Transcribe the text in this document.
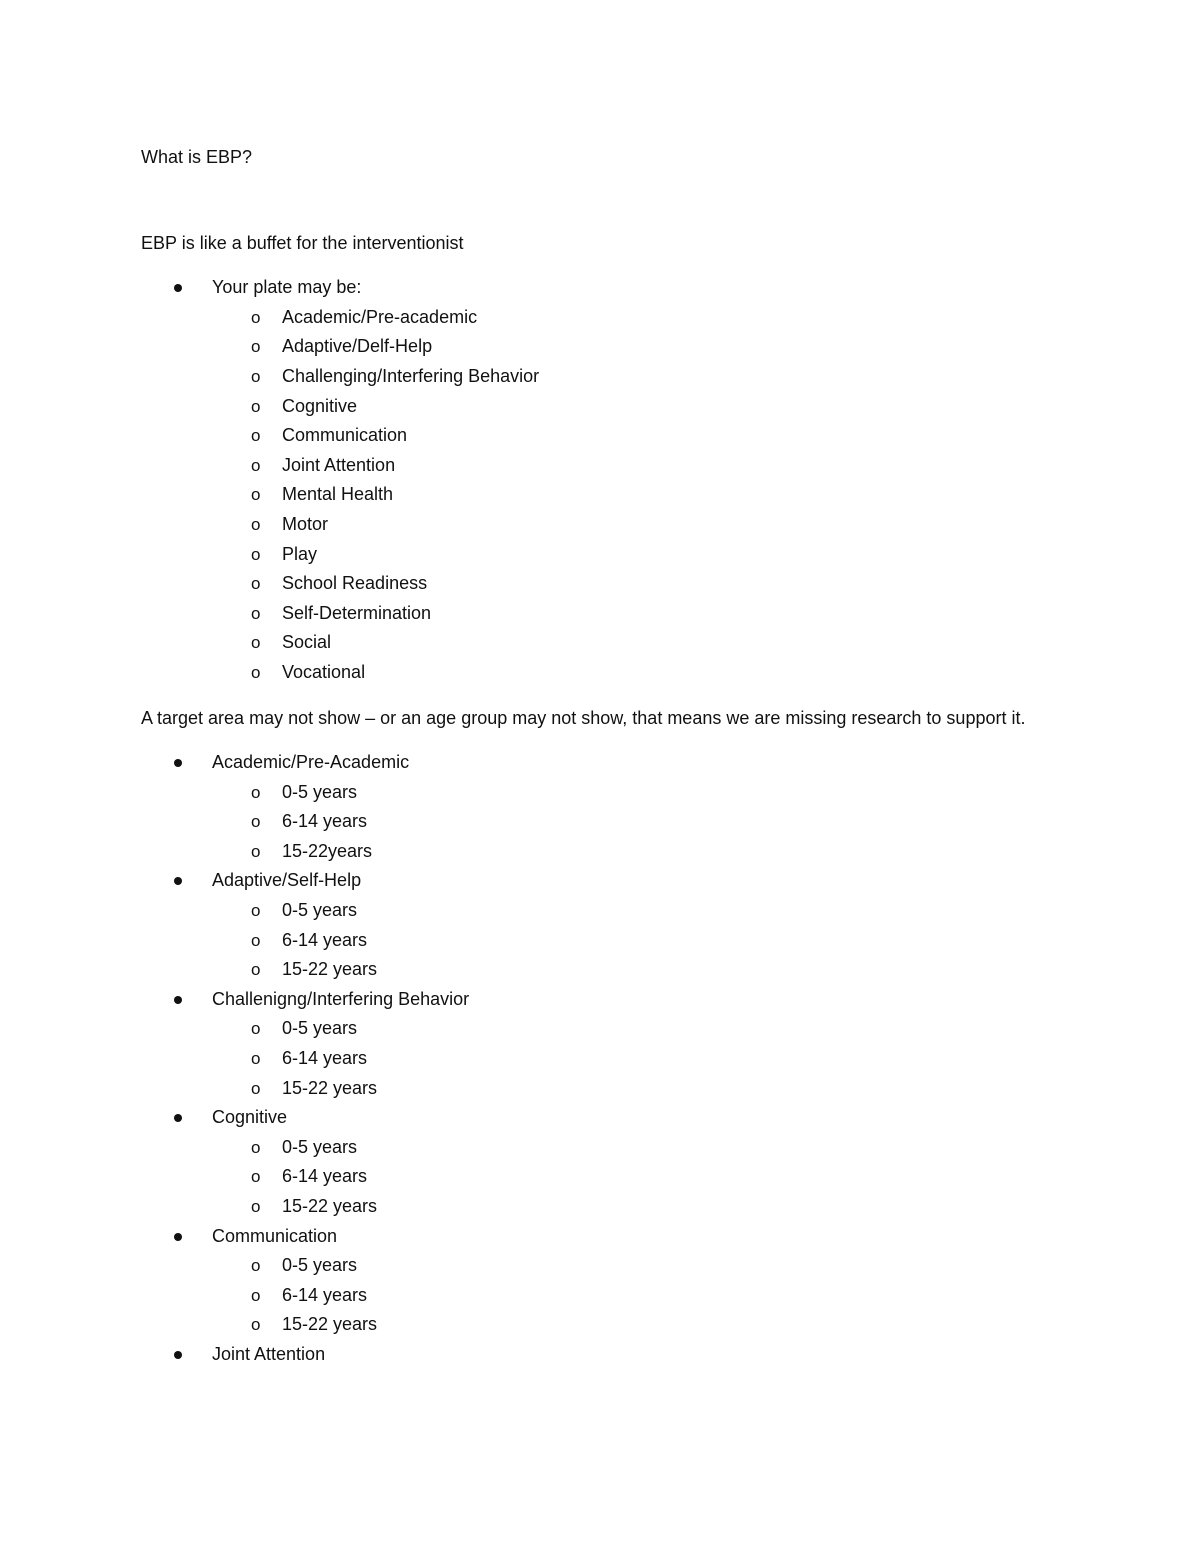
What is EBP?

EBP is like a buffet for the interventionist

Your plate may be:
o	Academic/Pre-academic
o	Adaptive/Delf-Help
o	Challenging/Interfering Behavior
o	Cognitive
o	Communication
o	Joint Attention
o	Mental Health
o	Motor
o	Play
o	School Readiness
o	Self-Determination
o	Social
o	Vocational

A target area may not show – or an age group may not show, that means we are missing research to support it.

Academic/Pre-Academic
o	0-5 years
o	6-14 years
o	15-22years
Adaptive/Self-Help
o	0-5 years
o	6-14 years
o	15-22 years
Challenigng/Interfering Behavior
o	0-5 years
o	6-14 years
o	15-22 years
Cognitive
o	0-5 years
o	6-14 years
o	15-22 years
Communication
o	0-5 years
o	6-14 years
o	15-22 years
Joint Attention
